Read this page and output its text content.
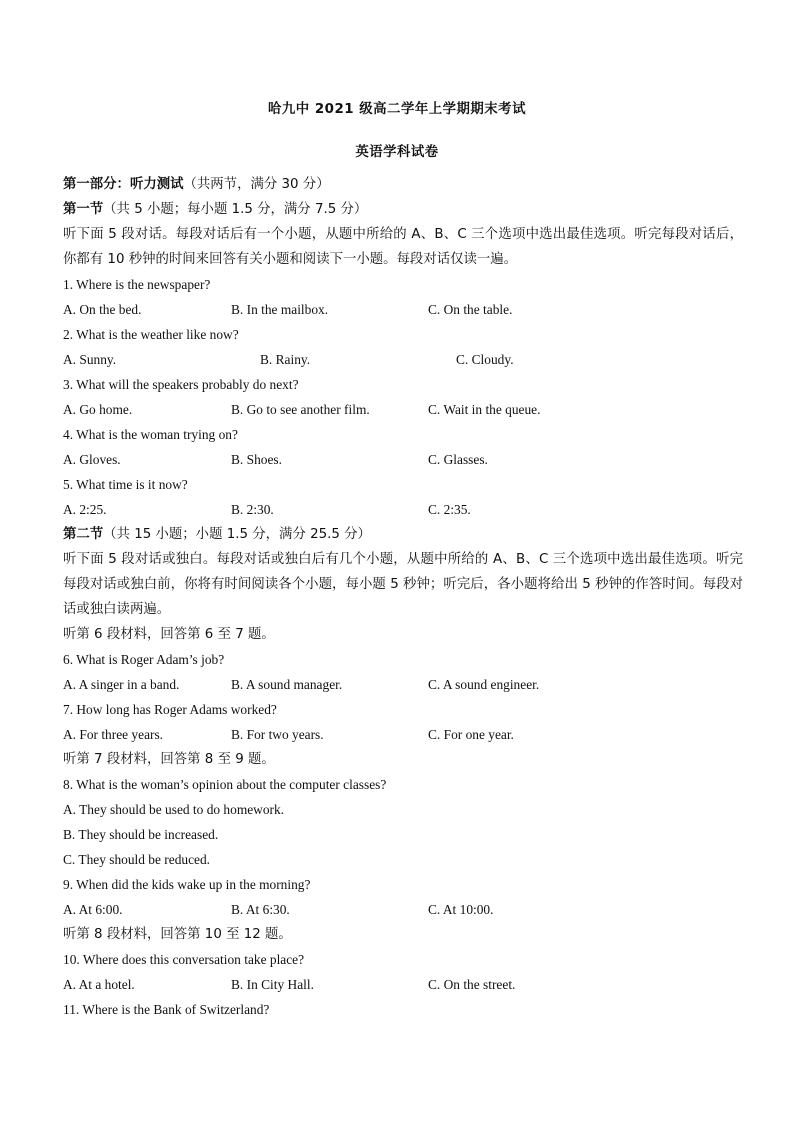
哈九中 2021 级高二学年上学期期末考试
英语学科试卷
第一部分：听力测试（共两节，满分 30 分）
第一节（共 5 小题；每小题 1.5 分，满分 7.5 分）
听下面 5 段对话。每段对话后有一个小题，从题中所给的 A、B、C 三个选项中选出最佳选项。听完每段对话后，你都有 10 秒钟的时间来回答有关小题和阅读下一小题。每段对话仅读一遍。
1. Where is the newspaper?
A. On the bed.	B. In the mailbox.	C. On the table.
2. What is the weather like now?
A. Sunny.	B. Rainy.	C. Cloudy.
3. What will the speakers probably do next?
A. Go home.	B. Go to see another film.	C. Wait in the queue.
4. What is the woman trying on?
A. Gloves.	B. Shoes.	C. Glasses.
5. What time is it now?
A. 2:25.	B. 2:30.	C. 2:35.
第二节（共 15 小题；小题 1.5 分，满分 25.5 分）
听下面 5 段对话或独白。每段对话或独白后有几个小题，从题中所给的 A、B、C 三个选项中选出最佳选项。听完每段对话或独白前，你将有时间阅读各个小题，每小题 5 秒钟；听完后，各小题将给出 5 秒钟的作答时间。每段对话或独白读两遍。
听第 6 段材料，回答第 6 至 7 题。
6. What is Roger Adam’s job?
A. A singer in a band.	B. A sound manager.	C. A sound engineer.
7. How long has Roger Adams worked?
A. For three years.	B. For two years.	C. For one year.
听第 7 段材料，回答第 8 至 9 题。
8. What is the woman’s opinion about the computer classes?
A. They should be used to do homework.
B. They should be increased.
C. They should be reduced.
9. When did the kids wake up in the morning?
A. At 6:00.	B. At 6:30.	C. At 10:00.
听第 8 段材料，回答第 10 至 12 题。
10. Where does this conversation take place?
A. At a hotel.	B. In City Hall.	C. On the street.
11. Where is the Bank of Switzerland?
